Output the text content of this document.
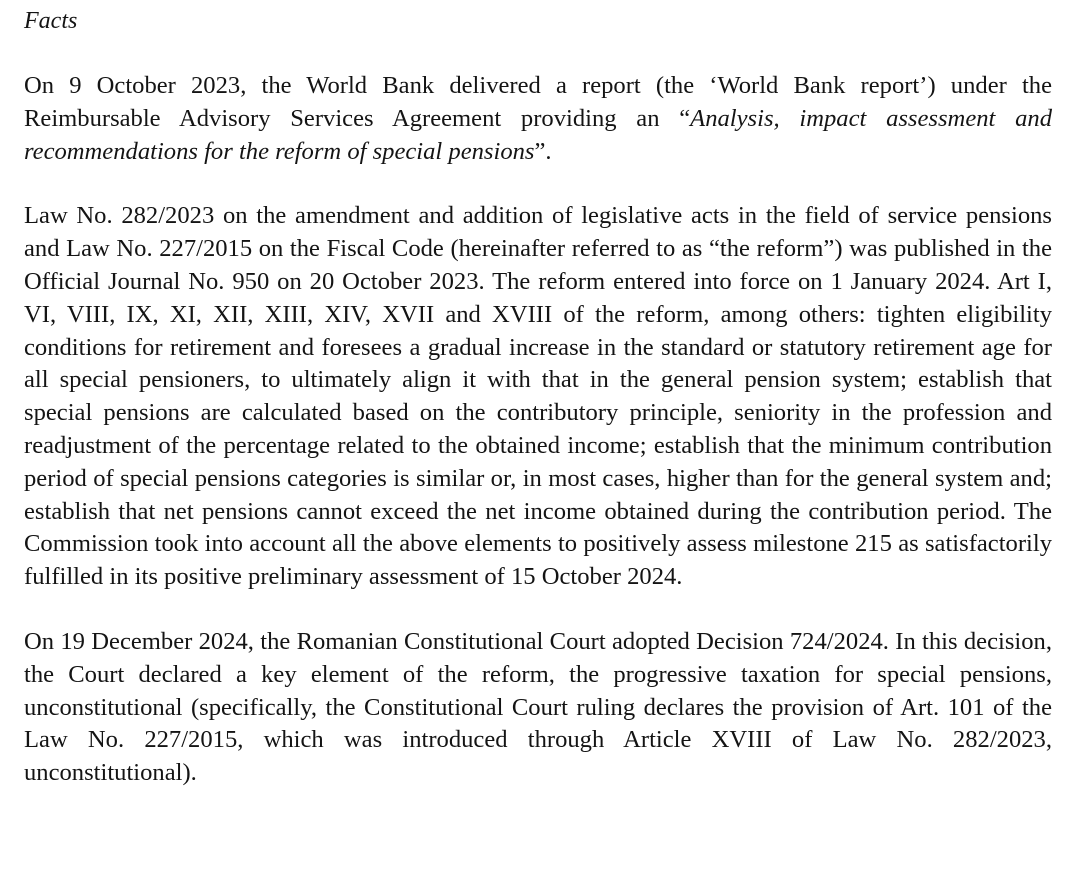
Facts

On 9 October 2023, the World Bank delivered a report (the ‘World Bank report’) under the Reimbursable Advisory Services Agreement providing an “Analysis, impact assessment and recommendations for the reform of special pensions”.

Law No. 282/2023 on the amendment and addition of legislative acts in the field of service pensions and Law No. 227/2015 on the Fiscal Code (hereinafter referred to as “the reform”) was published in the Official Journal No. 950 on 20 October 2023. The reform entered into force on 1 January 2024. Art I, VI, VIII, IX, XI, XII, XIII, XIV, XVII and XVIII of the reform, among others: tighten eligibility conditions for retirement and foresees a gradual increase in the standard or statutory retirement age for all special pensioners, to ultimately align it with that in the general pension system; establish that special pensions are calculated based on the contributory principle, seniority in the profession and readjustment of the percentage related to the obtained income; establish that the minimum contribution period of special pensions categories is similar or, in most cases, higher than for the general system and; establish that net pensions cannot exceed the net income obtained during the contribution period. The Commission took into account all the above elements to positively assess milestone 215 as satisfactorily fulfilled in its positive preliminary assessment of 15 October 2024.

On 19 December 2024, the Romanian Constitutional Court adopted Decision 724/2024. In this decision, the Court declared a key element of the reform, the progressive taxation for special pensions, unconstitutional (specifically, the Constitutional Court ruling declares the provision of Art. 101 of the Law No. 227/2015, which was introduced through Article XVIII of Law No. 282/2023, unconstitutional).
